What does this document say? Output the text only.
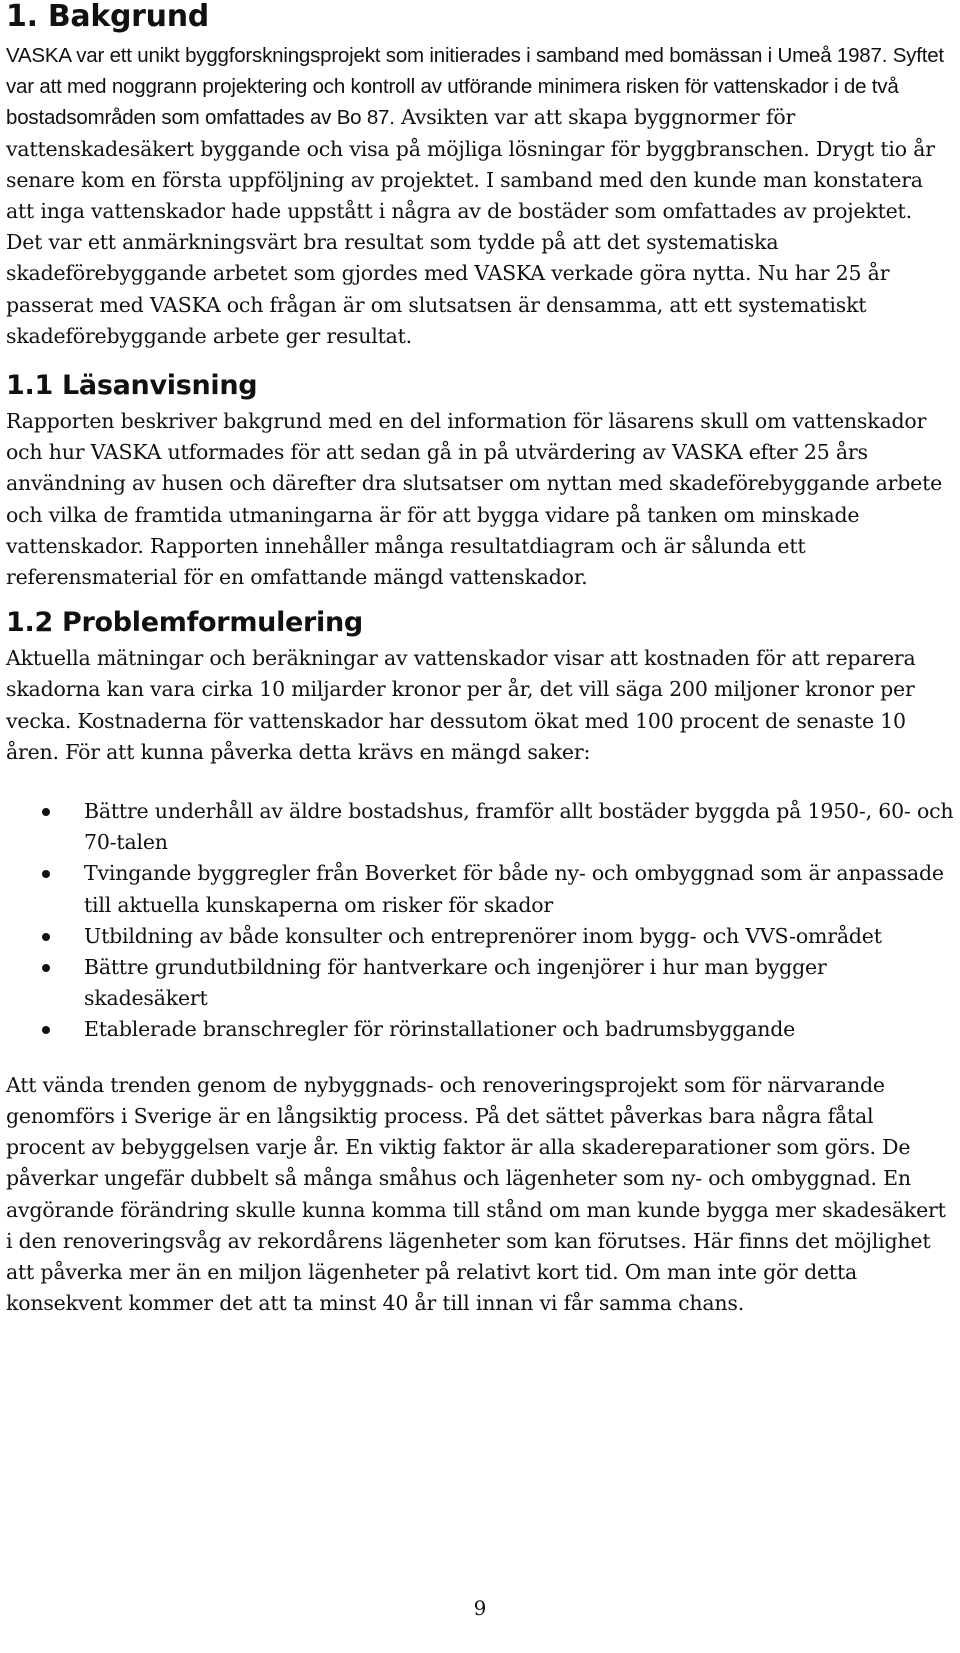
1. Bakgrund

VASKA var ett unikt byggforskningsprojekt som initierades i samband med bomässan i Umeå 1987. Syftet var att med noggrann projektering och kontroll av utförande minimera risken för vattenskador i de två bostadsområden som omfattades av Bo 87. Avsikten var att skapa byggnormer för vattenskadesäkert byggande och visa på möjliga lösningar för byggbranschen. Drygt tio år senare kom en första uppföljning av projektet. I samband med den kunde man konstatera att inga vattenskador hade uppstått i några av de bostäder som omfattades av projektet. Det var ett anmärkningsvärt bra resultat som tydde på att det systematiska skadeförebyggande arbetet som gjordes med VASKA verkade göra nytta. Nu har 25 år passerat med VASKA och frågan är om slutsatsen är densamma, att ett systematiskt skadeförebyggande arbete ger resultat.

1.1 Läsanvisning

Rapporten beskriver bakgrund med en del information för läsarens skull om vattenskador och hur VASKA utformades för att sedan gå in på utvärdering av VASKA efter 25 års användning av husen och därefter dra slutsatser om nyttan med skadeförebyggande arbete och vilka de framtida utmaningarna är för att bygga vidare på tanken om minskade vattenskador. Rapporten innehåller många resultatdiagram och är sålunda ett referensmaterial för en omfattande mängd vattenskador.

1.2 Problemformulering

Aktuella mätningar och beräkningar av vattenskador visar att kostnaden för att reparera skadorna kan vara cirka 10 miljarder kronor per år, det vill säga 200 miljoner kronor per vecka. Kostnaderna för vattenskador har dessutom ökat med 100 procent de senaste 10 åren. För att kunna påverka detta krävs en mängd saker:

Bättre underhåll av äldre bostadshus, framför allt bostäder byggda på 1950-, 60- och 70-talen
Tvingande byggregler från Boverket för både ny- och ombyggnad som är anpassade till aktuella kunskaperna om risker för skador
Utbildning av både konsulter och entreprenörer inom bygg- och VVS-området
Bättre grundutbildning för hantverkare och ingenjörer i hur man bygger skadesäkert
Etablerade branschregler för rörinstallationer och badrumsbyggande

Att vända trenden genom de nybyggnads- och renoveringsprojekt som för närvarande genomförs i Sverige är en långsiktig process. På det sättet påverkas bara några fåtal procent av bebyggelsen varje år. En viktig faktor är alla skadereparationer som görs. De påverkar ungefär dubbelt så många småhus och lägenheter som ny- och ombyggnad. En avgörande förändring skulle kunna komma till stånd om man kunde bygga mer skadesäkert i den renoveringsvåg av rekordårens lägenheter som kan förutses. Här finns det möjlighet att påverka mer än en miljon lägenheter på relativt kort tid. Om man inte gör detta konsekvent kommer det att ta minst 40 år till innan vi får samma chans.

9
